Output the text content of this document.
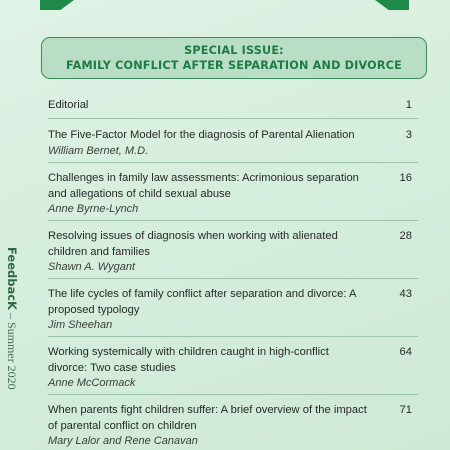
SPECIAL ISSUE:
FAMILY CONFLICT AFTER SEPARATION AND DIVORCE
FeedbacK – Summer 2020
Editorial	1
The Five-Factor Model for the diagnosis of Parental Alienation
William Bernet, M.D.
3
Challenges in family law assessments: Acrimonious separation and allegations of child sexual abuse
Anne Byrne-Lynch
16
Resolving issues of diagnosis when working with alienated children and families
Shawn A. Wygant
28
The life cycles of family conflict after separation and divorce: A proposed typology
Jim Sheehan
43
Working systemically with children caught in high-conflict divorce: Two case studies
Anne McCormack
64
When parents fight children suffer: A brief overview of the impact of parental conflict on children
Mary Lalor and Rene Canavan
71
